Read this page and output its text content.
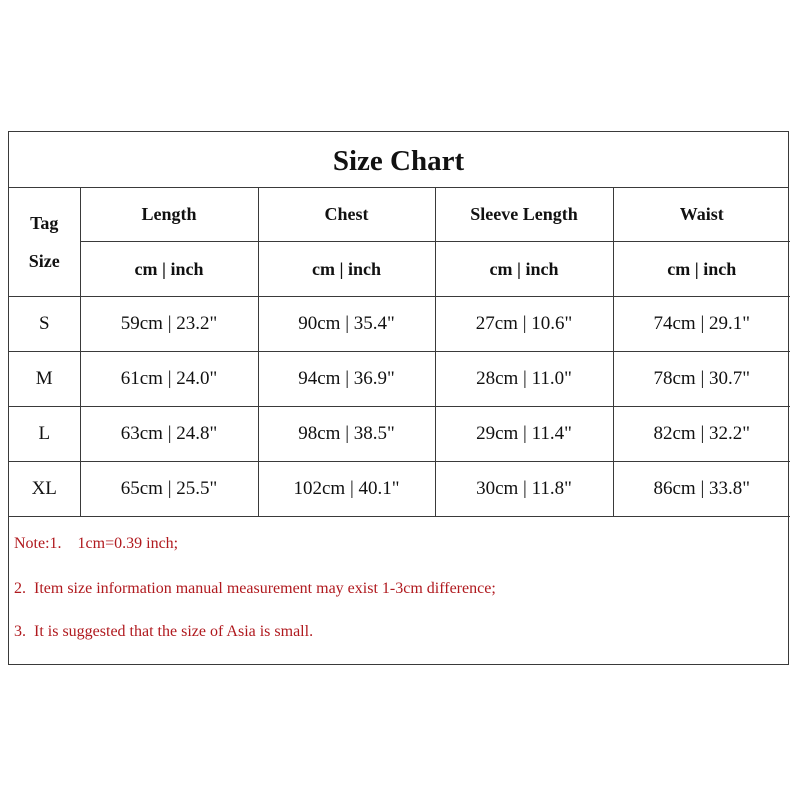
Size Chart
Tag
Size	Length	Chest	Sleeve Length	Waist
	cm | inch	cm | inch	cm | inch	cm | inch
S	59cm | 23.2"	90cm | 35.4"	27cm | 10.6"	74cm | 29.1"
M	61cm | 24.0"	94cm | 36.9"	28cm | 11.0"	78cm | 30.7"
L	63cm | 24.8"	98cm | 38.5"	29cm | 11.4"	82cm | 32.2"
XL	65cm | 25.5"	102cm | 40.1"	30cm | 11.8"	86cm | 33.8"
Note:1.    1cm=0.39 inch;
2.  Item size information manual measurement may exist 1-3cm difference;
3.  It is suggested that the size of Asia is small.
